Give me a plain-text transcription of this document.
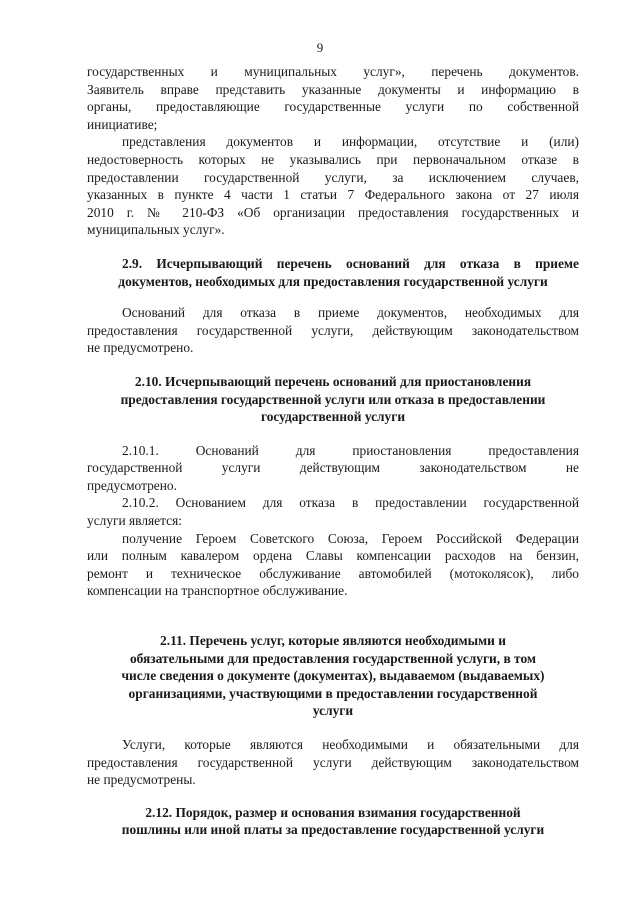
9
государственных и муниципальных услуг», перечень документов.
Заявитель вправе представить указанные документы и информацию в
органы, предоставляющие государственные услуги по собственной
инициативе;
представления документов и информации, отсутствие и (или)
недостоверность которых не указывались при первоначальном отказе в
предоставлении государственной услуги, за исключением случаев,
указанных в пункте 4 части 1 статьи 7 Федерального закона от 27 июля
2010 г. № 210-ФЗ «Об организации предоставления государственных и
муниципальных услуг».
2.9. Исчерпывающий перечень оснований для отказа в приеме
документов, необходимых для предоставления государственной услуги
Оснований для отказа в приеме документов, необходимых для
предоставления государственной услуги, действующим законодательством
не предусмотрено.
2.10. Исчерпывающий перечень оснований для приостановления
предоставления государственной услуги или отказа в предоставлении
государственной услуги
2.10.1. Оснований для приостановления предоставления
государственной услуги действующим законодательством не
предусмотрено.
2.10.2. Основанием для отказа в предоставлении государственной
услуги является:
получение Героем Советского Союза, Героем Российской Федерации
или полным кавалером ордена Славы компенсации расходов на бензин,
ремонт и техническое обслуживание автомобилей (мотоколясок), либо
компенсации на транспортное обслуживание.
2.11. Перечень услуг, которые являются необходимыми и
обязательными для предоставления государственной услуги, в том
числе сведения о документе (документах), выдаваемом (выдаваемых)
организациями, участвующими в предоставлении государственной
услуги
Услуги, которые являются необходимыми и обязательными для
предоставления государственной услуги действующим законодательством
не предусмотрены.
2.12. Порядок, размер и основания взимания государственной
пошлины или иной платы за предоставление государственной услуги
